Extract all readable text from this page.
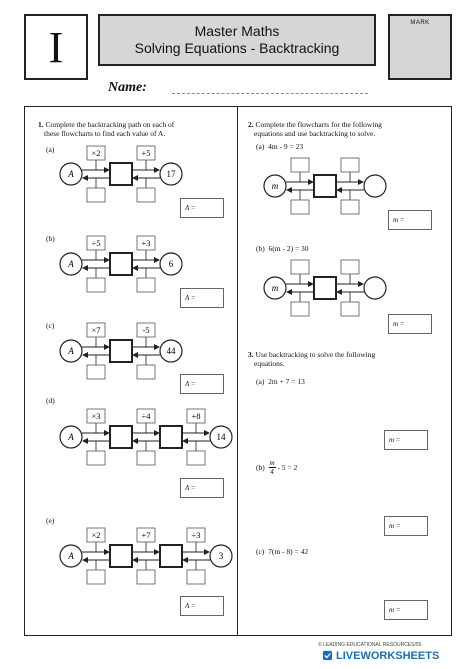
I	Master Maths
Solving Equations - Backtracking
MARK
Name:
1. Complete the backtracking path on each of
these flowcharts to find each value of A.
(a)
A	17
×2	+5
A =
(b)
A	6
÷5	+3
A =
(c)
A	44
×7	-5
A =
(d)
A	14
×3	÷4	+8
A =
(e)
A	3
×2	+7	÷3
A =
2. Complete the flowcharts for the following
equations and use backtracking to solve.
(a) 4m - 9 = 23
(b) 6(m - 2) = 30
m
m =
m
m =
3. Use backtracking to solve the following
equations.
(a) 2m + 7 = 13
m =
(b)
$\frac{m}{4}$
- 5 = 2
m =
(c) 7(m - 8) = 42
m =
© LEADING EDUCATIONAL RESOURCES/56
LIVEWORKSHEETS
